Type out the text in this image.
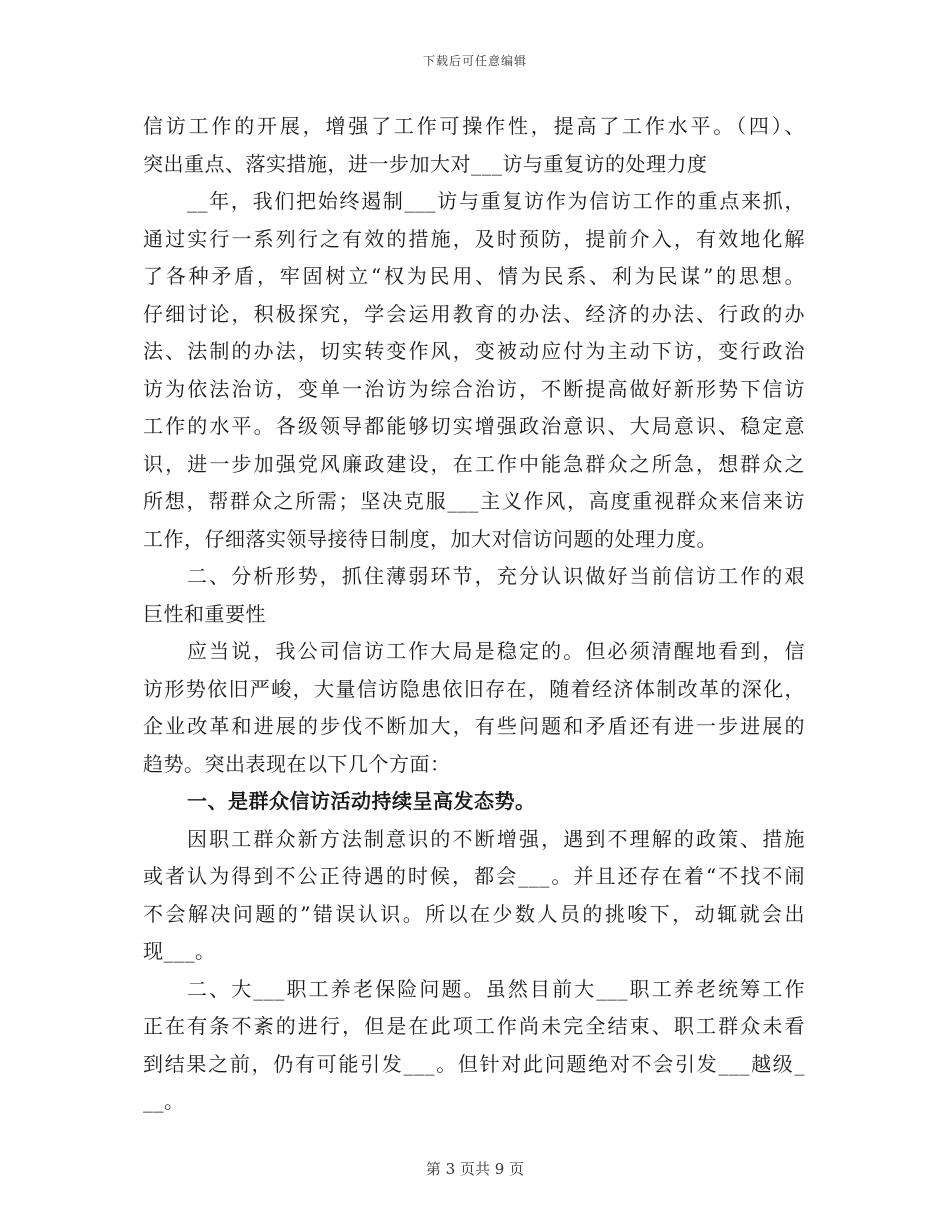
下载后可任意编辑
信访工作的开展，增强了工作可操作性，提高了工作水平。（四）、
突出重点、落实措施，进一步加大对___访与重复访的处理力度
__年，我们把始终遏制___访与重复访作为信访工作的重点来抓，
通过实行一系列行之有效的措施，及时预防，提前介入，有效地化解
了各种矛盾，牢固树立“权为民用、情为民系、利为民谋”的思想。
仔细讨论，积极探究，学会运用教育的办法、经济的办法、行政的办
法、法制的办法，切实转变作风，变被动应付为主动下访，变行政治
访为依法治访，变单一治访为综合治访，不断提高做好新形势下信访
工作的水平。各级领导都能够切实增强政治意识、大局意识、稳定意
识，进一步加强党风廉政建设，在工作中能急群众之所急，想群众之
所想，帮群众之所需；坚决克服___主义作风，高度重视群众来信来访
工作，仔细落实领导接待日制度，加大对信访问题的处理力度。
二、分析形势，抓住薄弱环节，充分认识做好当前信访工作的艰
巨性和重要性
应当说，我公司信访工作大局是稳定的。但必须清醒地看到，信
访形势依旧严峻，大量信访隐患依旧存在，随着经济体制改革的深化，
企业改革和进展的步伐不断加大，有些问题和矛盾还有进一步进展的
趋势。突出表现在以下几个方面：
一、是群众信访活动持续呈高发态势。
因职工群众新方法制意识的不断增强，遇到不理解的政策、措施
或者认为得到不公正待遇的时候，都会___。并且还存在着“不找不闹
不会解决问题的”错误认识。所以在少数人员的挑唆下，动辄就会出
现___。
二、大___职工养老保险问题。虽然目前大___职工养老统筹工作
正在有条不紊的进行，但是在此项工作尚未完全结束、职工群众未看
到结果之前，仍有可能引发___。但针对此问题绝对不会引发___越级_
__。
第 3 页共 9 页
